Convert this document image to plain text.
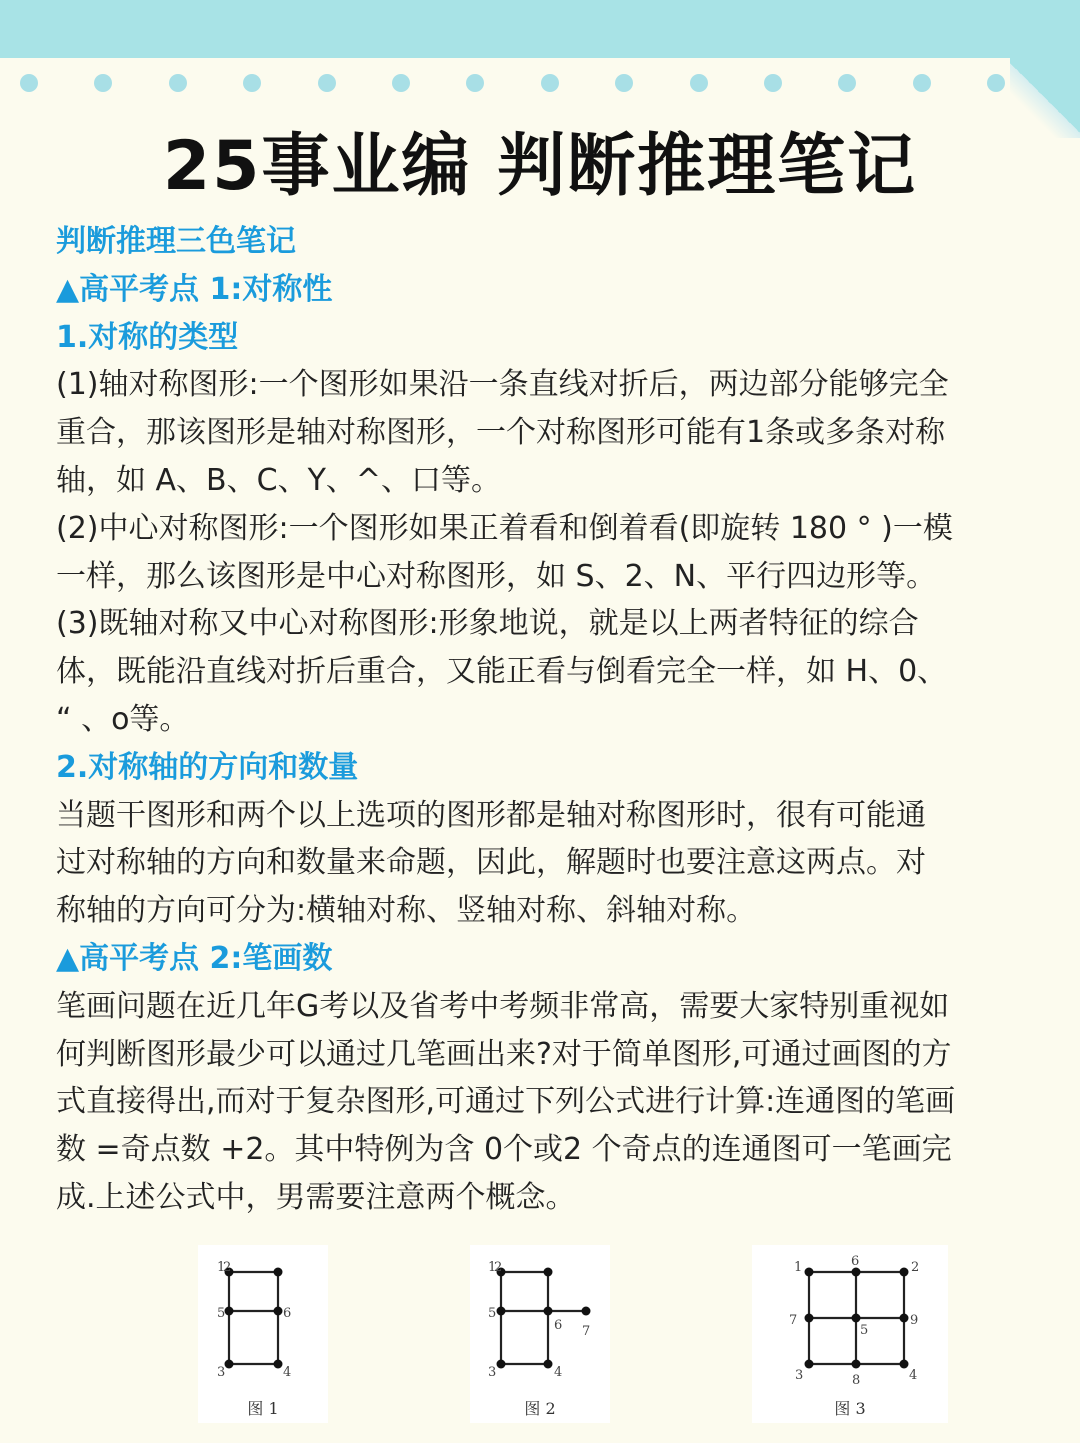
25事业编 判断推理笔记
判断推理三色笔记
▲高平考点 1:对称性
1.对称的类型
(1)轴对称图形:一个图形如果沿一条直线对折后，两边部分能够完全
重合，那该图形是轴对称图形，一个对称图形可能有1条或多条对称
轴，如 A、B、C、Y、^、口等。
(2)中心对称图形:一个图形如果正着看和倒着看(即旋转 180 ° )一模
一样，那么该图形是中心对称图形，如 S、2、N、平行四边形等。
(3)既轴对称又中心对称图形:形象地说，就是以上两者特征的综合
体，既能沿直线对折后重合，又能正看与倒看完全一样，如 H、0、
“ 、o等。
2.对称轴的方向和数量
当题干图形和两个以上选项的图形都是轴对称图形时，很有可能通
过对称轴的方向和数量来命题，因此，解题时也要注意这两点。对
称轴的方向可分为:横轴对称、竖轴对称、斜轴对称。
▲高平考点 2:笔画数
笔画问题在近几年G考以及省考中考频非常高，需要大家特别重视如
何判断图形最少可以通过几笔画出来?对于简单图形,可通过画图的方
式直接得出,而对于复杂图形,可通过下列公式进行计算:连通图的笔画
数 =奇点数 +2。其中特例为含 0个或2 个奇点的连通图可一笔画完
成.上述公式中，男需要注意两个概念。
1
2
5	6
3	4
图 1
1
2
5
6 7
3	4
图 2
1	6	2
7
5
9
3	8	4
图 3
